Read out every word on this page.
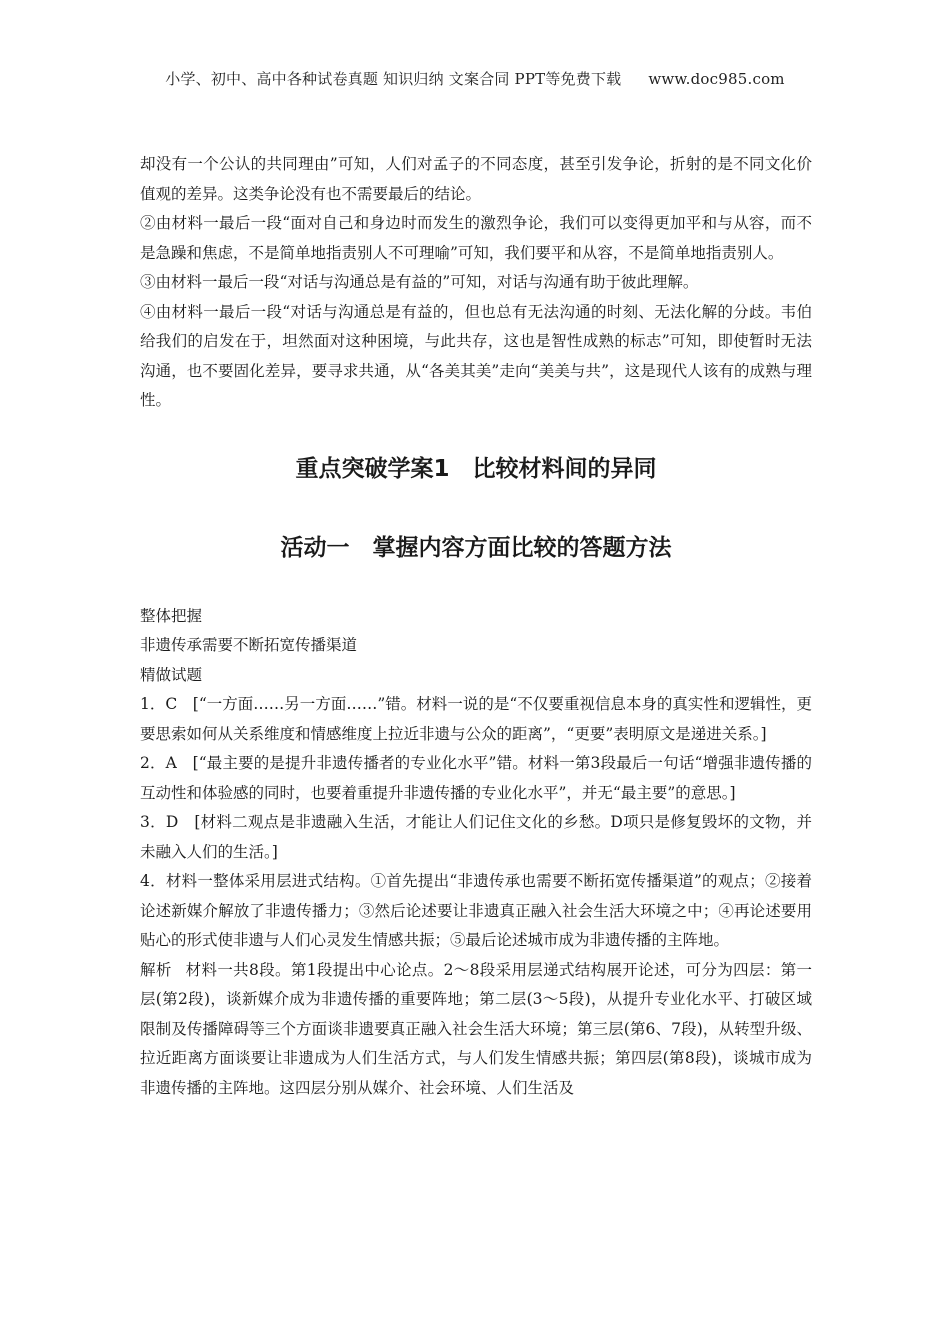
小学、初中、高中各种试卷真题 知识归纳 文案合同 PPT等免费下载 www.doc985.com

却没有一个公认的共同理由”可知，人们对孟子的不同态度，甚至引发争论，折射的是不同文化价值观的差异。这类争论没有也不需要最后的结论。

②由材料一最后一段“面对自己和身边时而发生的激烈争论，我们可以变得更加平和与从容，而不是急躁和焦虑，不是简单地指责别人不可理喻”可知，我们要平和从容，不是简单地指责别人。

③由材料一最后一段“对话与沟通总是有益的”可知，对话与沟通有助于彼此理解。

④由材料一最后一段“对话与沟通总是有益的，但也总有无法沟通的时刻、无法化解的分歧。韦伯给我们的启发在于，坦然面对这种困境，与此共存，这也是智性成熟的标志”可知，即使暂时无法沟通，也不要固化差异，要寻求共通，从“各美其美”走向“美美与共”，这是现代人该有的成熟与理性。

重点突破学案1　比较材料间的异同
活动一　掌握内容方面比较的答题方法

整体把握

非遗传承需要不断拓宽传播渠道

精做试题

1．C　[“一方面……另一方面……”错。材料一说的是“不仅要重视信息本身的真实性和逻辑性，更要思索如何从关系维度和情感维度上拉近非遗与公众的距离”，“更要”表明原文是递进关系。]

2．A　[“最主要的是提升非遗传播者的专业化水平”错。材料一第3段最后一句话“增强非遗传播的互动性和体验感的同时，也要着重提升非遗传播的专业化水平”，并无“最主要”的意思。]

3．D　[材料二观点是非遗融入生活，才能让人们记住文化的乡愁。D项只是修复毁坏的文物，并未融入人们的生活。]

4．材料一整体采用层进式结构。①首先提出“非遗传承也需要不断拓宽传播渠道”的观点；②接着论述新媒介解放了非遗传播力；③然后论述要让非遗真正融入社会生活大环境之中；④再论述要用贴心的形式使非遗与人们心灵发生情感共振；⑤最后论述城市成为非遗传播的主阵地。

解析 材料一共8段。第1段提出中心论点。2～8段采用层递式结构展开论述，可分为四层：第一层(第2段)，谈新媒介成为非遗传播的重要阵地；第二层(3～5段)，从提升专业化水平、打破区域限制及传播障碍等三个方面谈非遗要真正融入社会生活大环境；第三层(第6、7段)，从转型升级、拉近距离方面谈要让非遗成为人们生活方式，与人们发生情感共振；第四层(第8段)，谈城市成为非遗传播的主阵地。这四层分别从媒介、社会环境、人们生活及
